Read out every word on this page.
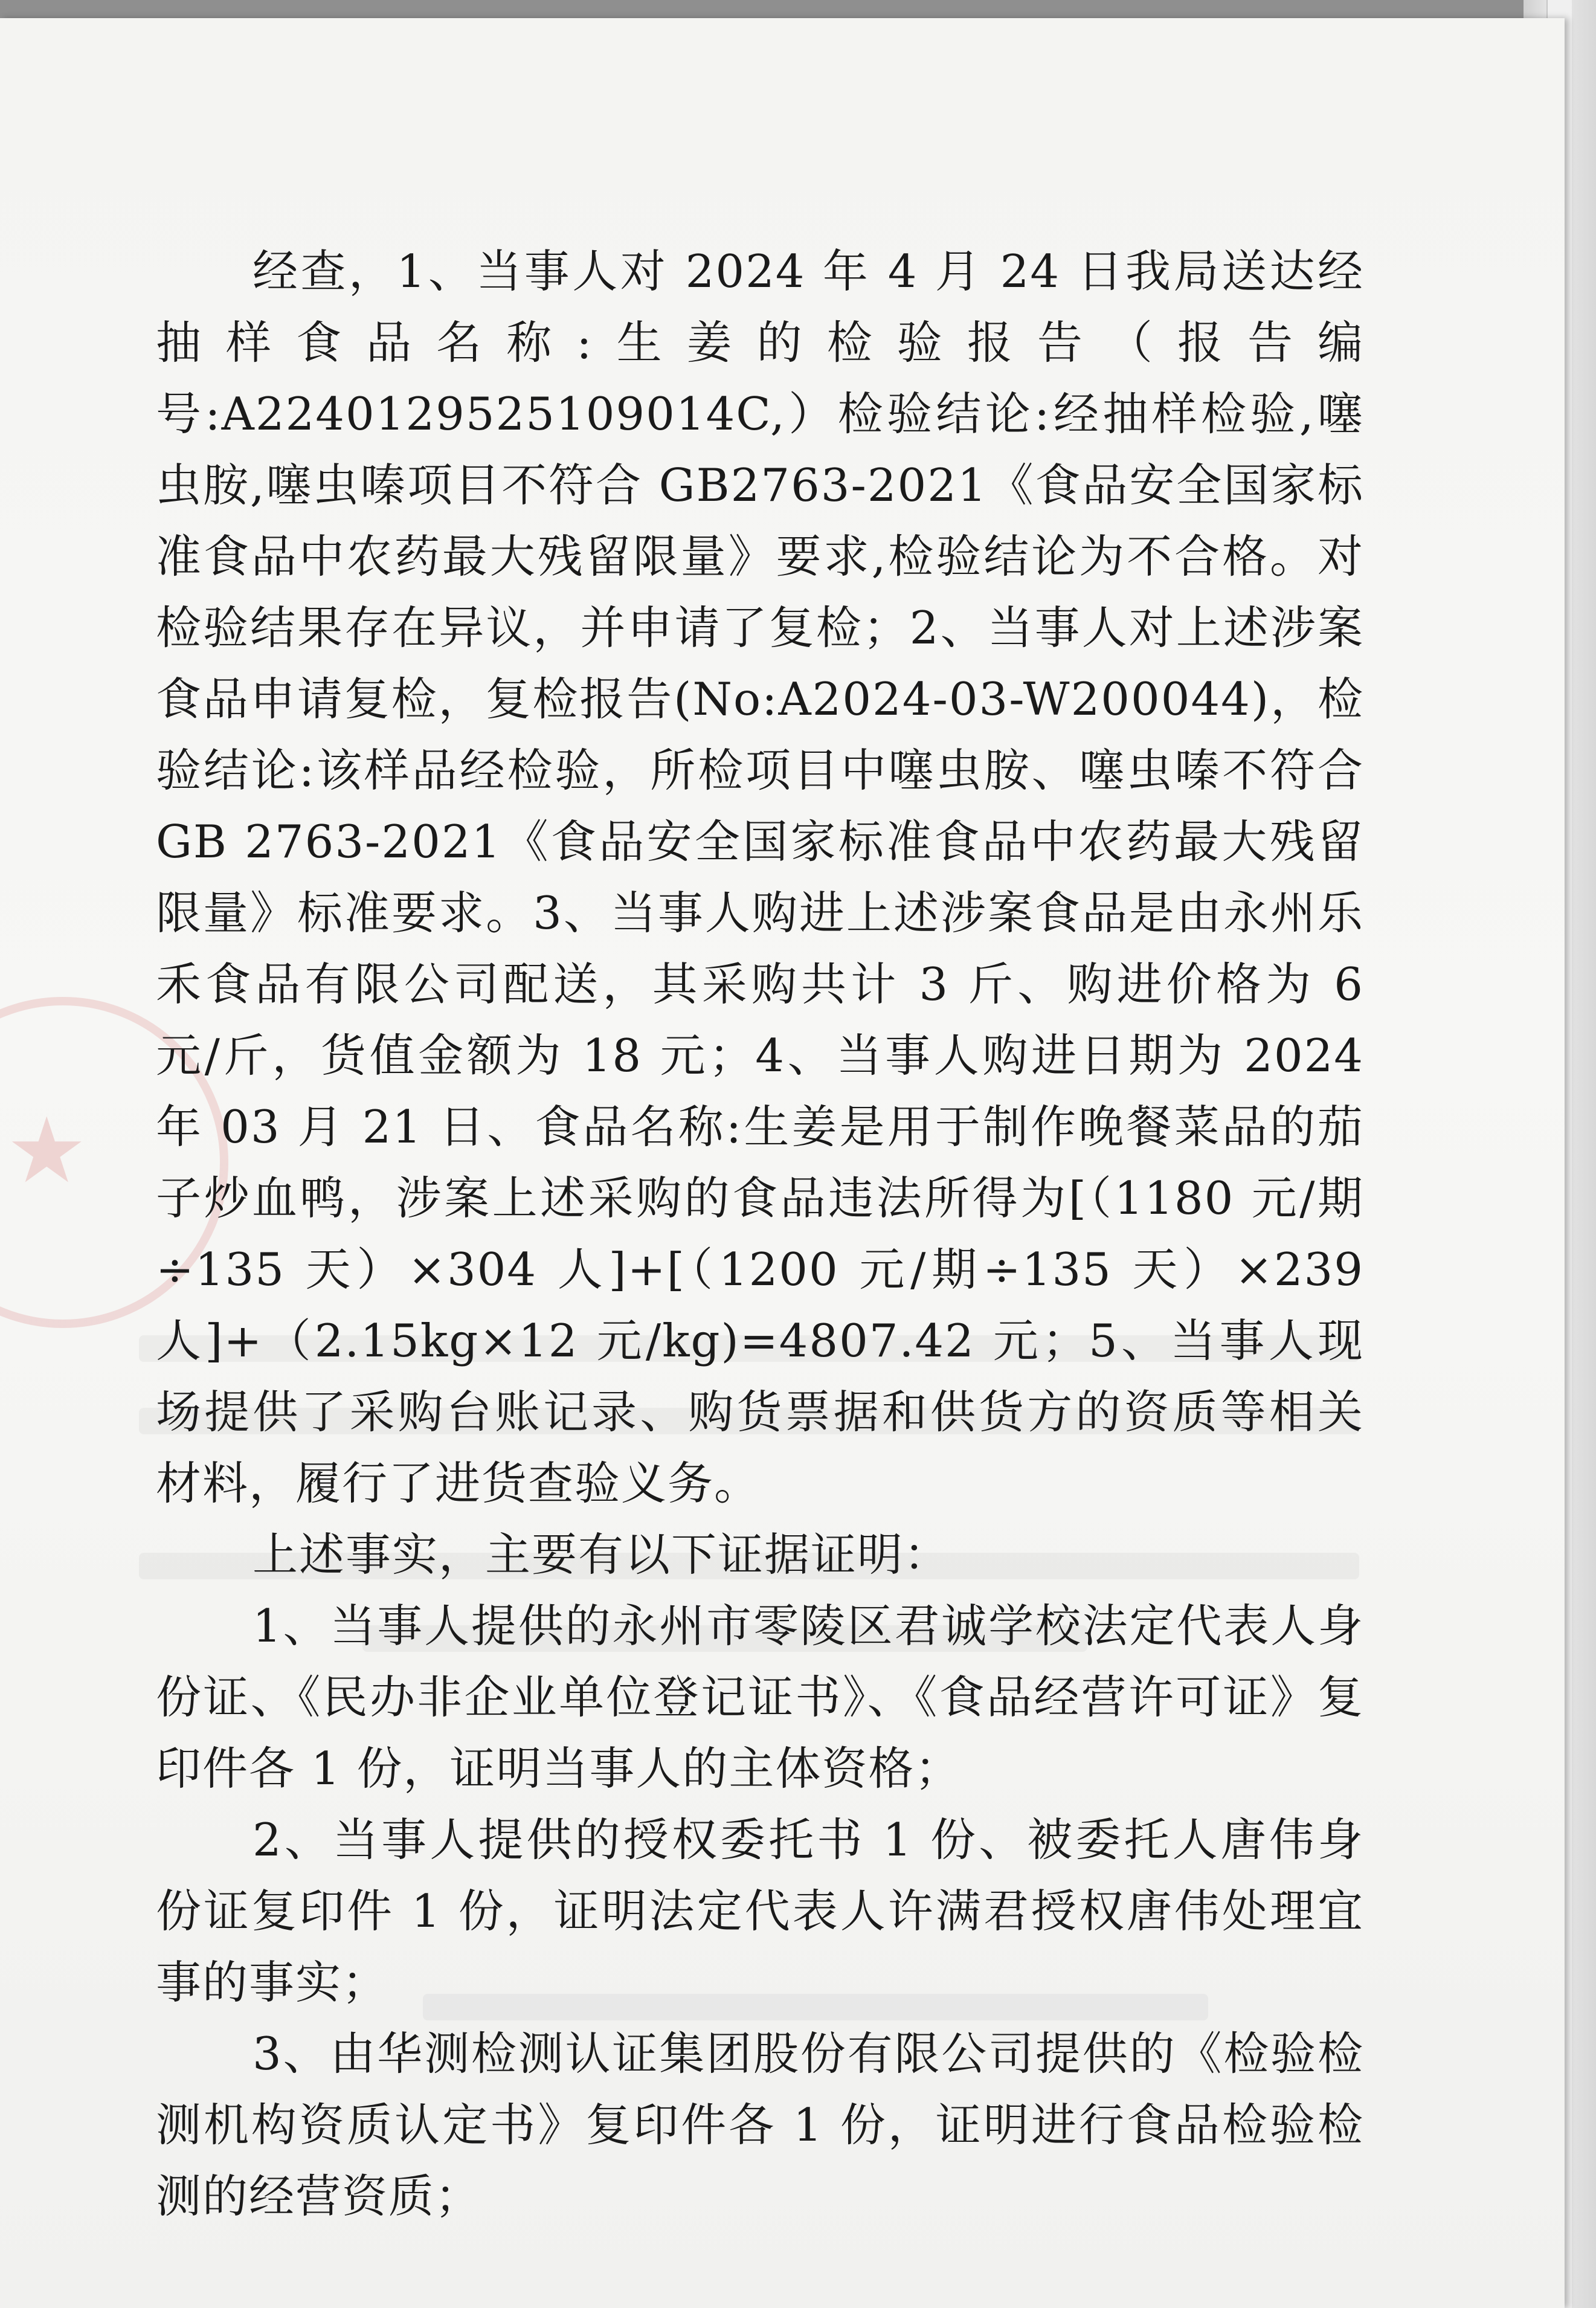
★

经查，1、当事人对 2024 年 4 月 24 日我局送达经抽样食品名称:生姜的检验报告（报告编号:A2240129525109014C,）检验结论:经抽样检验,噻虫胺,噻虫嗪项目不符合 GB2763-2021《食品安全国家标准食品中农药最大残留限量》要求,检验结论为不合格。对检验结果存在异议，并申请了复检；2、当事人对上述涉案食品申请复检，复检报告(No:A2024-03-W200044)，检验结论:该样品经检验，所检项目中噻虫胺、噻虫嗪不符合 GB 2763-2021《食品安全国家标准食品中农药最大残留限量》标准要求。3、当事人购进上述涉案食品是由永州乐禾食品有限公司配送，其采购共计 3 斤、购进价格为 6 元/斤，货值金额为 18 元；4、当事人购进日期为 2024 年 03 月 21 日、食品名称:生姜是用于制作晚餐菜品的茄子炒血鸭，涉案上述采购的食品违法所得为[（1180 元/期÷135 天）×304 人]+[（1200 元/期÷135 天）×239 人]+（2.15kg×12 元/kg)=4807.42 元；5、当事人现场提供了采购台账记录、购货票据和供货方的资质等相关材料，履行了进货查验义务。

上述事实，主要有以下证据证明：

1、当事人提供的永州市零陵区君诚学校法定代表人身份证、《民办非企业单位登记证书》、《食品经营许可证》复印件各 1 份，证明当事人的主体资格；

2、当事人提供的授权委托书 1 份、被委托人唐伟身份证复印件 1 份，证明法定代表人许满君授权唐伟处理宜事的事实；

3、由华测检测认证集团股份有限公司提供的《检验检测机构资质认定书》复印件各 1 份，证明进行食品检验检测的经营资质；
